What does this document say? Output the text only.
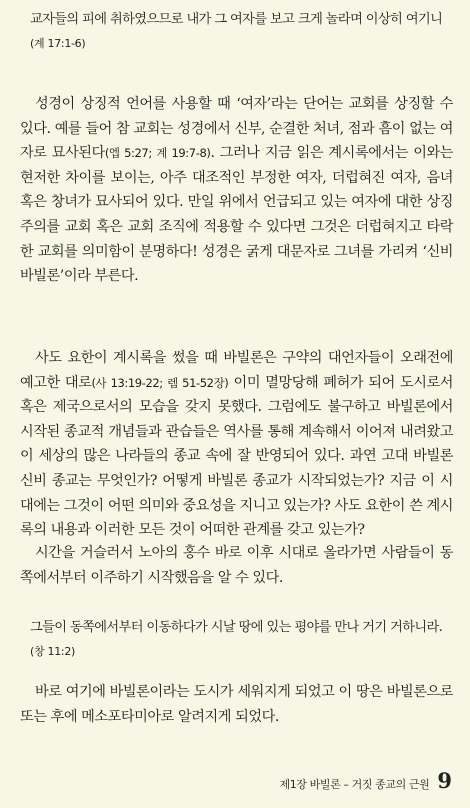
교자들의 피에 취하였으므로 내가 그 여자를 보고 크게 놀라며 이상히 여기니 (계 17:1-6)

성경이 상징적 언어를 사용할 때 ‘여자’라는 단어는 교회를 상징할 수 있다. 예를 들어 참 교회는 성경에서 신부, 순결한 처녀, 점과 흠이 없는 여자로 묘사된다(엡 5:27; 계 19:7-8). 그러나 지금 읽은 계시록에서는 이와는 현저한 차이를 보이는, 아주 대조적인 부정한 여자, 더럽혀진 여자, 음녀 혹은 창녀가 묘사되어 있다. 만일 위에서 언급되고 있는 여자에 대한 상징주의를 교회 혹은 교회 조직에 적용할 수 있다면 그것은 더럽혀지고 타락한 교회를 의미함이 분명하다! 성경은 굵게 대문자로 그녀를 가리켜 ‘신비 바빌론’이라 부른다.

사도 요한이 계시록을 썼을 때 바빌론은 구약의 대언자들이 오래전에 예고한 대로(사 13:19-22; 렘 51-52장) 이미 멸망당해 폐허가 되어 도시로서 혹은 제국으로서의 모습을 갖지 못했다. 그럼에도 불구하고 바빌론에서 시작된 종교적 개념들과 관습들은 역사를 통해 계속해서 이어져 내려왔고 이 세상의 많은 나라들의 종교 속에 잘 반영되어 있다. 과연 고대 바빌론 신비 종교는 무엇인가? 어떻게 바빌론 종교가 시작되었는가? 지금 이 시대에는 그것이 어떤 의미와 중요성을 지니고 있는가? 사도 요한이 쓴 계시록의 내용과 이러한 모든 것이 어떠한 관계를 갖고 있는가?

시간을 거슬러서 노아의 홍수 바로 이후 시대로 올라가면 사람들이 동쪽에서부터 이주하기 시작했음을 알 수 있다.

그들이 동쪽에서부터 이동하다가 시날 땅에 있는 평야를 만나 거기 거하니라. (창 11:2)

바로 여기에 바빌론이라는 도시가 세워지게 되었고 이 땅은 바빌론으로 또는 후에 메소포타미아로 알려지게 되었다.

제1장 바빌론 – 거짓 종교의 근원 9
